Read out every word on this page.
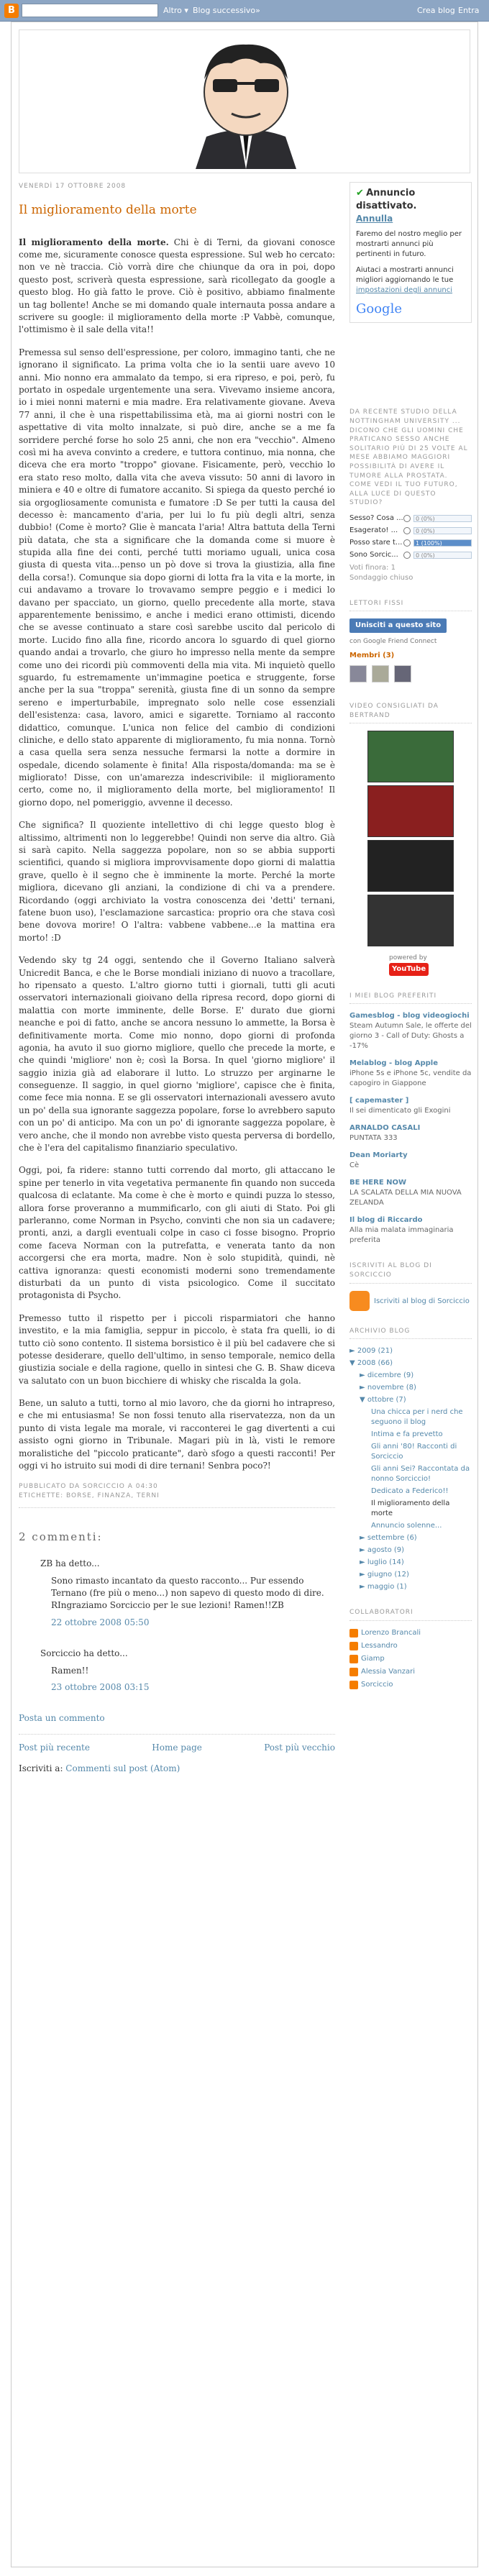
B	Altro ▾ Blog successivo»	Crea blog Entra
VENERDÌ 17 OTTOBRE 2008
Il miglioramento della morte

Il miglioramento della morte. Chi è di Terni, da giovani conosce come me, sicuramente conosce questa espressione. Sul web ho cercato: non ve nè traccia. Ciò vorrà dire che chiunque da ora in poi, dopo questo post, scriverà questa espressione, sarà ricollegato da google a questo blog. Ho già fatto le prove. Ciò è positivo, abbiamo finalmente un tag bollente! Anche se mi domando quale internauta possa andare a scrivere su google: il miglioramento della morte :P Vabbè, comunque, l'ottimismo è il sale della vita!!

Premessa sul senso dell'espressione, per coloro, immagino tanti, che ne ignorano il significato. La prima volta che io la sentii uare avevo 10 anni. Mio nonno era ammalato da tempo, si era ripreso, e poi, però, fu portato in ospedale urgentemente una sera. Vivevamo insieme ancora, io i miei nonni materni e mia madre. Era relativamente giovane. Aveva 77 anni, il che è una rispettabilissima età, ma ai giorni nostri con le aspettative di vita molto innalzate, si può dire, anche se a me fa sorridere perché forse ho solo 25 anni, che non era "vecchio". Almeno così mi ha aveva convinto a credere, e tuttora continuo, mia nonna, che diceva che era morto "troppo" giovane. Fisicamente, però, vecchio lo era stato reso molto, dalla vita che aveva vissuto: 50 anni di lavoro in miniera e 40 e oltre di fumatore accanito. Si spiega da questo perché io sia orgogliosamente comunista e fumatore :D Se per tutti la causa del decesso è: mancamento d'aria, per lui lo fu più degli altri, senza dubbio! (Come è morto? Glie è mancata l'aria! Altra battuta della Terni più datata, che sta a significare che la domanda come si muore è stupida alla fine dei conti, perché tutti moriamo uguali, unica cosa giusta di questa vita...penso un pò dove si trova la giustizia, alla fine della corsa!). Comunque sia dopo giorni di lotta fra la vita e la morte, in cui andavamo a trovare lo trovavamo sempre peggio e i medici lo davano per spacciato, un giorno, quello precedente alla morte, stava apparentemente benissimo, e anche i medici erano ottimisti, dicendo che se avesse continuato a stare così sarebbe uscito dal pericolo di morte. Lucido fino alla fine, ricordo ancora lo sguardo di quel giorno quando andai a trovarlo, che giuro ho impresso nella mente da sempre come uno dei ricordi più commoventi della mia vita. Mi inquietò quello sguardo, fu estremamente un'immagine poetica e struggente, forse anche per la sua "troppa" serenità, giusta fine di un sonno da sempre sereno e imperturbabile, impregnato solo nelle cose essenziali dell'esistenza: casa, lavoro, amici e sigarette. Torniamo al racconto didattico, comunque. L'unica non felice del cambio di condizioni cliniche, e dello stato apparente di miglioramento, fu mia nonna. Tornò a casa quella sera senza nessuche fermarsi la notte a dormire in ospedale, dicendo solamente è finita! Alla risposta/domanda: ma se è migliorato! Disse, con un'amarezza indescrivibile: il miglioramento certo, come no, il miglioramento della morte, bel miglioramento! Il giorno dopo, nel pomeriggio, avvenne il decesso.

Che significa? Il quoziente intellettivo di chi legge questo blog è altissimo, altrimenti non lo leggerebbe! Quindi non serve dia altro. Già si sarà capito. Nella saggezza popolare, non so se abbia supporti scientifici, quando si migliora improvvisamente dopo giorni di malattia grave, quello è il segno che è imminente la morte. Perché la morte migliora, dicevano gli anziani, la condizione di chi va a prendere. Ricordando (oggi archiviato la vostra conoscenza dei 'detti' ternani, fatene buon uso), l'esclamazione sarcastica: proprio ora che stava così bene dovova morire! O l'altra: vabbene vabbene...e la mattina era morto! :D

Vedendo sky tg 24 oggi, sentendo che il Governo Italiano salverà Unicredit Banca, e che le Borse mondiali iniziano di nuovo a tracollare, ho ripensato a questo. L'altro giorno tutti i giornali, tutti gli acuti osservatori internazionali gioivano della ripresa record, dopo giorni di malattia con morte imminente, delle Borse. E' durato due giorni neanche e poi di fatto, anche se ancora nessuno lo ammette, la Borsa è definitivamente morta. Come mio nonno, dopo giorni di profonda agonia, ha avuto il suo giorno migliore, quello che precede la morte, e che quindi 'migliore' non è; così la Borsa. In quel 'giorno migliore' il saggio inizia già ad elaborare il lutto. Lo struzzo per arginarne le conseguenze. Il saggio, in quel giorno 'migliore', capisce che è finita, come fece mia nonna. E se gli osservatori internazionali avessero avuto un po' della sua ignorante saggezza popolare, forse lo avrebbero saputo con un po' di anticipo. Ma con un po' di ignorante saggezza popolare, è vero anche, che il mondo non avrebbe visto questa perversa di bordello, che è l'era del capitalismo finanziario speculativo.

Oggi, poi, fa ridere: stanno tutti correndo dal morto, gli attaccano le spine per tenerlo in vita vegetativa permanente fin quando non succeda qualcosa di eclatante. Ma come è che è morto e quindi puzza lo stesso, allora forse proveranno a mummificarlo, con gli aiuti di Stato. Poi gli parleranno, come Norman in Psycho, convinti che non sia un cadavere; pronti, anzi, a dargli eventuali colpe in caso ci fosse bisogno. Proprio come faceva Norman con la putrefatta, e venerata tanto da non accorgersi che era morta, madre. Non è solo stupidità, quindi, nè cattiva ignoranza: questi economisti moderni sono tremendamente disturbati da un punto di vista psicologico. Come il succitato protagonista di Psycho.

Premesso tutto il rispetto per i piccoli risparmiatori che hanno investito, e la mia famiglia, seppur in piccolo, è stata fra quelli, io di tutto ciò sono contento. Il sistema borsistico è il più bel cadavere che si potesse desiderare, quello dell'ultimo, in senso temporale, nemico della giustizia sociale e della ragione, quello in sintesi che G. B. Shaw diceva va salutato con un buon bicchiere di whisky che riscalda la gola.

Bene, un saluto a tutti, torno al mio lavoro, che da giorni ho intrapreso, e che mi entusiasma! Se non fossi tenuto alla riservatezza, non da un punto di vista legale ma morale, vi racconterei le gag divertenti a cui assisto ogni giorno in Tribunale. Magari più in là, visti le remore moralistiche del "piccolo praticante", darò sfogo a questi racconti! Per oggi vi ho istruito sui modi di dire ternani! Senbra poco?!

PUBBLICATO DA SORCICCIO A 04:30
ETICHETTE: BORSE, FINANZA, TERNI
2 commenti:
ZB ha detto...
Sono rimasto incantato da questo racconto... Pur essendo Ternano (fre più o meno...) non sapevo di questo modo di dire. RIngraziamo Sorciccio per le sue lezioni! Ramen!!ZB
22 ottobre 2008 05:50
Sorciccio ha detto...
Ramen!!
23 ottobre 2008 03:15
Posta un commento
Post più recente	Home page	Post più vecchio
Iscriviti a: Commenti sul post (Atom)
✔ Annuncio disattivato.
Annulla
Faremo del nostro meglio per mostrarti annunci più pertinenti in futuro.
Aiutaci a mostrarti annunci migliori aggiornando le tue impostazioni degli annunci
Google
DA RECENTE STUDIO DELLA NOTTINGHAM UNIVERSITY ... DICONO CHE GLI UOMINI CHE PRATICANO SESSO ANCHE SOLITARIO PIÙ DI 25 VOLTE AL MESE ABBIAMO MAGGIORI POSSIBILITÀ DI AVERE IL TUMORE ALLA PROSTATA. COME VEDI IL TUO FUTURO, ALLA LUCE DI QUESTO STUDIO?
Sesso? Cosa ...	0 (0%)
Esagerato! ...	0 (0%)
Posso stare t...	1 (100%)
Sono Sorcic...	0 (0%)
Voti finora: 1
Sondaggio chiuso
LETTORI FISSI
Unisciti a questo sito
con Google Friend Connect
Membri (3)

VIDEO CONSIGLIATI DA BERTRAND
powered by
YouTube
I MIEI BLOG PREFERITI
Gamesblog - blog videogiochi
Steam Autumn Sale, le offerte del giorno 3 - Call of Duty: Ghosts a -17%
Melablog - blog Apple
iPhone 5s e iPhone 5c, vendite da capogiro in Giappone
[ capemaster ]
Il sei dimenticato gli Exogini
ARNALDO CASALI
PUNTATA 333
Dean Moriarty
Cè
BE HERE NOW
LA SCALATA DELLA MIA NUOVA ZELANDA
Il blog di Riccardo
Alla mia malata immaginaria preferita
ISCRIVITI AL BLOG DI SORCICCIO
Iscriviti al blog di Sorciccio
ARCHIVIO BLOG
► 2009 (21)
▼ 2008 (66)
► dicembre (9)
► novembre (8)
▼ ottobre (7)
Una chicca per i nerd che seguono il blog
Intima e fa prevetto
Gli anni '80! Racconti di Sorciccio
Gli anni Sei? Raccontata da nonno Sorciccio!
Dedicato a Federico!!
Il miglioramento della morte
Annuncio solenne...
► settembre (6)
► agosto (9)
► luglio (14)
► giugno (12)
► maggio (1)
COLLABORATORI
Lorenzo Brancali
Lessandro
Giamp
Alessia Vanzari
Sorciccio
